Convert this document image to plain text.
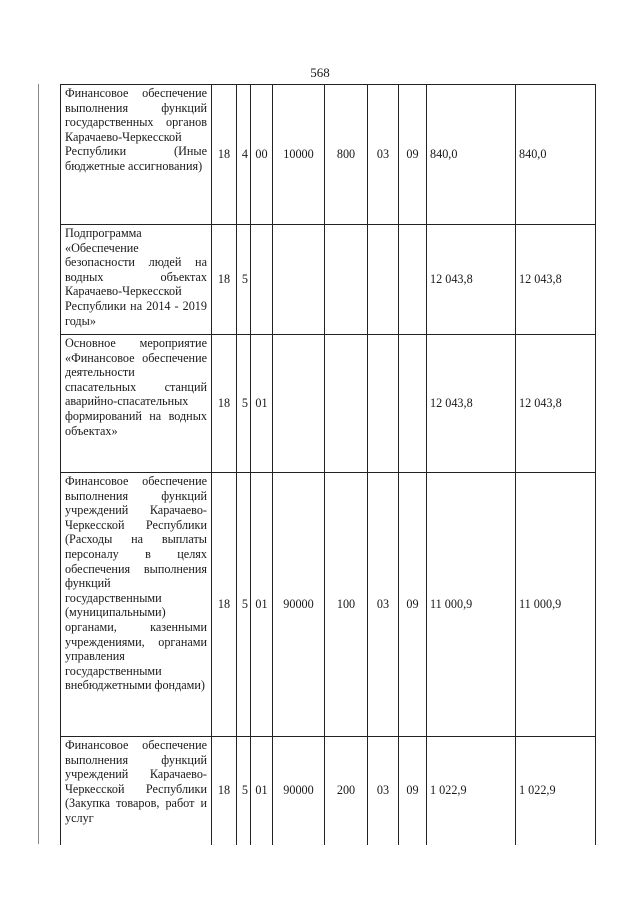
568
Финансовое обеспечение выполнения функций государственных органов Карачаево-Черкесской Республики (Иные бюджетные ассигнования)	18	4	00	10000	800	03	09	840,0	840,0
Подпрограмма «Обеспечение безопасности людей на водных объектах Карачаево-Черкесской Республики на 2014 - 2019 годы»	18	5						12 043,8	12 043,8
Основное мероприятие «Финансовое обеспечение деятельности спасательных станций аварийно-спасательных формирований на водных объектах»	18	5	01					12 043,8	12 043,8
Финансовое обеспечение выполнения функций учреждений Карачаево-Черкесской Республики (Расходы на выплаты персоналу в целях обеспечения выполнения функций государственными (муниципальными) органами, казенными учреждениями, органами управления государственными внебюджетными фондами)	18	5	01	90000	100	03	09	11 000,9	11 000,9
Финансовое обеспечение выполнения функций учреждений Карачаево-Черкесской Республики (Закупка товаров, работ и услуг	18	5	01	90000	200	03	09	1 022,9	1 022,9
